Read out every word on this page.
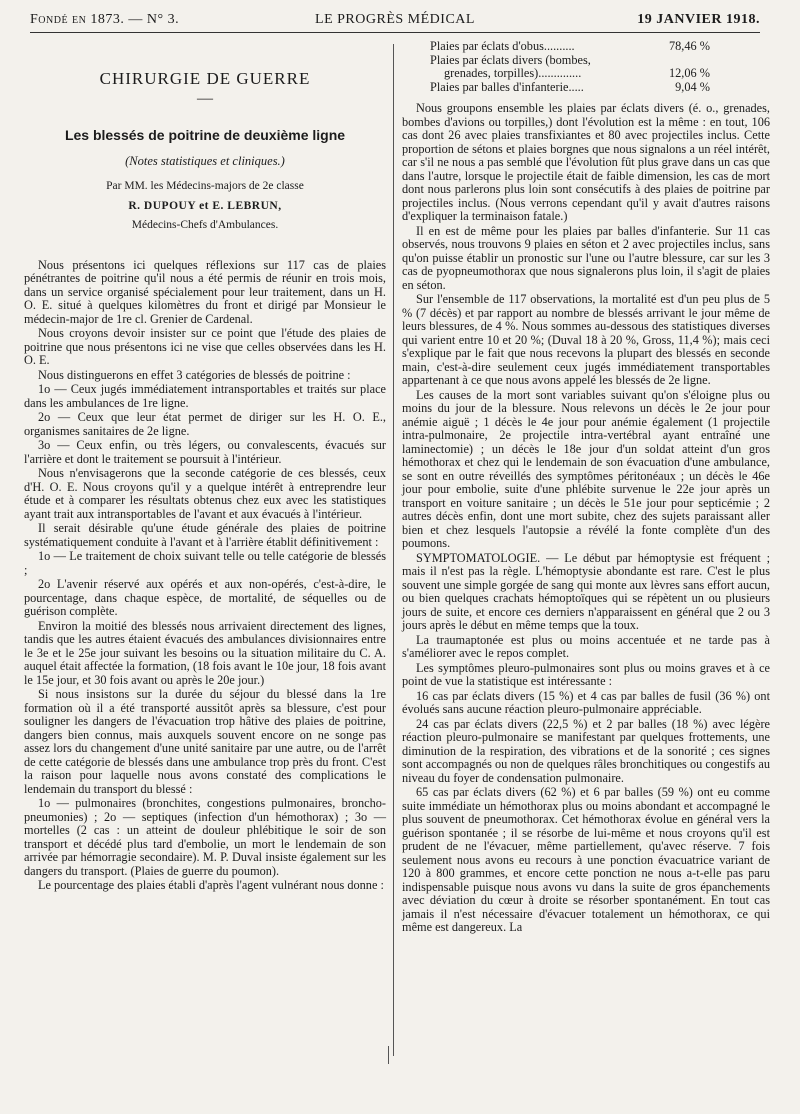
Fondé en 1873. — N° 3.	LE PROGRÈS MÉDICAL	19 JANVIER 1918.
CHIRURGIE DE GUERRE
—
Les blessés de poitrine de deuxième ligne
(Notes statistiques et cliniques.)
Par MM. les Médecins-majors de 2e classe
R. DUPOUY et E. LEBRUN,
Médecins-Chefs d'Ambulances.

Nous présentons ici quelques réflexions sur 117 cas de plaies pénétrantes de poitrine qu'il nous a été permis de réunir en trois mois, dans un service organisé spécialement pour leur traitement, dans un H. O. E. situé à quelques kilomètres du front et dirigé par Monsieur le médecin-major de 1re cl. Grenier de Cardenal.

Nous croyons devoir insister sur ce point que l'étude des plaies de poitrine que nous présentons ici ne vise que celles observées dans les H. O. E.

Nous distinguerons en effet 3 catégories de blessés de poitrine :

1o — Ceux jugés immédiatement intransportables et traités sur place dans les ambulances de 1re ligne.

2o — Ceux que leur état permet de diriger sur les H. O. E., organismes sanitaires de 2e ligne.

3o — Ceux enfin, ou très légers, ou convalescents, évacués sur l'arrière et dont le traitement se poursuit à l'intérieur.

Nous n'envisagerons que la seconde catégorie de ces blessés, ceux d'H. O. E. Nous croyons qu'il y a quelque intérêt à entreprendre leur étude et à comparer les résultats obtenus chez eux avec les statistiques ayant trait aux intransportables de l'avant et aux évacués à l'intérieur.

Il serait désirable qu'une étude générale des plaies de poitrine systématiquement conduite à l'avant et à l'arrière établit définitivement :

1o — Le traitement de choix suivant telle ou telle catégorie de blessés ;

2o L'avenir réservé aux opérés et aux non-opérés, c'est-à-dire, le pourcentage, dans chaque espèce, de mortalité, de séquelles ou de guérison complète.

Environ la moitié des blessés nous arrivaient directement des lignes, tandis que les autres étaient évacués des ambulances divisionnaires entre le 3e et le 25e jour suivant les besoins ou la situation militaire du C. A. auquel était affectée la formation, (18 fois avant le 10e jour, 18 fois avant le 15e jour, et 30 fois avant ou après le 20e jour.)

Si nous insistons sur la durée du séjour du blessé dans la 1re formation où il a été transporté aussitôt après sa blessure, c'est pour souligner les dangers de l'évacuation trop hâtive des plaies de poitrine, dangers bien connus, mais auxquels souvent encore on ne songe pas assez lors du changement d'une unité sanitaire par une autre, ou de l'arrêt de cette catégorie de blessés dans une ambulance trop près du front. C'est la raison pour laquelle nous avons constaté des complications le lendemain du transport du blessé :

1o — pulmonaires (bronchites, congestions pulmonaires, broncho-pneumonies) ; 2o — septiques (infection d'un hémothorax) ; 3o — mortelles (2 cas : un atteint de douleur phlébitique le soir de son transport et décédé plus tard d'embolie, un mort le lendemain de son arrivée par hémorragie secondaire). M. P. Duval insiste également sur les dangers du transport. (Plaies de guerre du poumon).

Le pourcentage des plaies établi d'après l'agent vulnérant nous donne :

Plaies par éclats d'obus..........	78,46 %
Plaies par éclats divers (bombes,
grenades, torpilles)..............	12,06 %
Plaies par balles d'infanterie.....	9,04 %

Nous groupons ensemble les plaies par éclats divers (é. o., grenades, bombes d'avions ou torpilles,) dont l'évolution est la même : en tout, 106 cas dont 26 avec plaies transfixiantes et 80 avec projectiles inclus. Cette proportion de sétons et plaies borgnes que nous signalons a un réel intérêt, car s'il ne nous a pas semblé que l'évolution fût plus grave dans un cas que dans l'autre, lorsque le projectile était de faible dimension, les cas de mort dont nous parlerons plus loin sont consécutifs à des plaies de poitrine par projectiles inclus. (Nous verrons cependant qu'il y avait d'autres raisons d'expliquer la terminaison fatale.)

Il en est de même pour les plaies par balles d'infanterie. Sur 11 cas observés, nous trouvons 9 plaies en séton et 2 avec projectiles inclus, sans qu'on puisse établir un pronostic sur l'une ou l'autre blessure, car sur les 3 cas de pyopneumothorax que nous signalerons plus loin, il s'agit de plaies en séton.

Sur l'ensemble de 117 observations, la mortalité est d'un peu plus de 5 % (7 décès) et par rapport au nombre de blessés arrivant le jour même de leurs blessures, de 4 %. Nous sommes au-dessous des statistiques diverses qui varient entre 10 et 20 %; (Duval 18 à 20 %, Gross, 11,4 %); mais ceci s'explique par le fait que nous recevons la plupart des blessés en seconde main, c'est-à-dire seulement ceux jugés immédiatement transportables appartenant à ce que nous avons appelé les blessés de 2e ligne.

Les causes de la mort sont variables suivant qu'on s'éloigne plus ou moins du jour de la blessure. Nous relevons un décès le 2e jour pour anémie aiguë ; 1 décès le 4e jour pour anémie également (1 projectile intra-pulmonaire, 2e projectile intra-vertébral ayant entraîné une laminectomie) ; un décès le 18e jour d'un soldat atteint d'un gros hémothorax et chez qui le lendemain de son évacuation d'une ambulance, se sont en outre réveillés des symptômes péritonéaux ; un décès le 46e jour pour embolie, suite d'une phlébite survenue le 22e jour après un transport en voiture sanitaire ; un décès le 51e jour pour septicémie ; 2 autres décès enfin, dont une mort subite, chez des sujets paraissant aller bien et chez lesquels l'autopsie a révélé la fonte complète d'un des poumons.

SYMPTOMATOLOGIE. — Le début par hémoptysie est fréquent ; mais il n'est pas la règle. L'hémoptysie abondante est rare. C'est le plus souvent une simple gorgée de sang qui monte aux lèvres sans effort aucun, ou bien quelques crachats hémoptoïques qui se répètent un ou plusieurs jours de suite, et encore ces derniers n'apparaissent en général que 2 ou 3 jours après le début en même temps que la toux.

La traumaptonée est plus ou moins accentuée et ne tarde pas à s'améliorer avec le repos complet.

Les symptômes pleuro-pulmonaires sont plus ou moins graves et à ce point de vue la statistique est intéressante :

16 cas par éclats divers (15 %) et 4 cas par balles de fusil (36 %) ont évolués sans aucune réaction pleuro-pulmonaire appréciable.

24 cas par éclats divers (22,5 %) et 2 par balles (18 %) avec légère réaction pleuro-pulmonaire se manifestant par quelques frottements, une diminution de la respiration, des vibrations et de la sonorité ; ces signes sont accompagnés ou non de quelques râles bronchitiques ou congestifs au niveau du foyer de condensation pulmonaire.

65 cas par éclats divers (62 %) et 6 par balles (59 %) ont eu comme suite immédiate un hémothorax plus ou moins abondant et accompagné le plus souvent de pneumothorax. Cet hémothorax évolue en général vers la guérison spontanée ; il se résorbe de lui-même et nous croyons qu'il est prudent de ne l'évacuer, même partiellement, qu'avec réserve. 7 fois seulement nous avons eu recours à une ponction évacuatrice variant de 120 à 800 grammes, et encore cette ponction ne nous a-t-elle pas paru indispensable puisque nous avons vu dans la suite de gros épanchements avec déviation du cœur à droite se résorber spontanément. En tout cas jamais il n'est nécessaire d'évacuer totalement un hémothorax, ce qui même est dangereux. La
